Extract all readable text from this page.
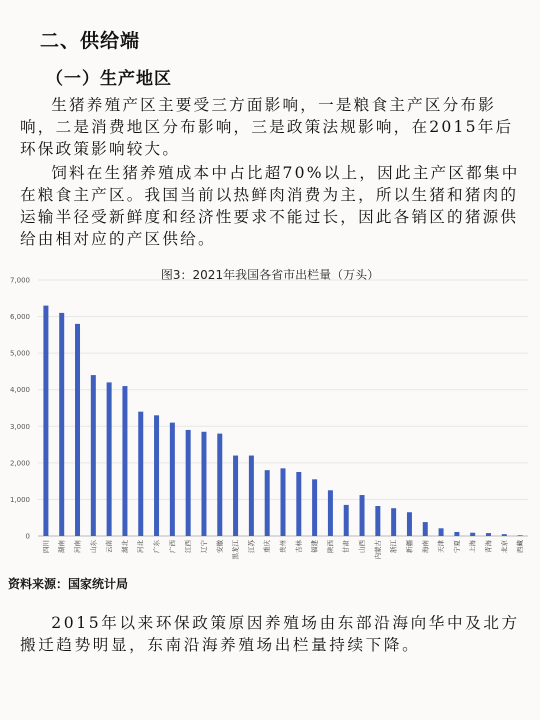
二、供给端
（一）生产地区

生猪养殖产区主要受三方面影响，一是粮食主产区分布影响，二是消费地区分布影响，三是政策法规影响，在2015年后环保政策影响较大。

饲料在生猪养殖成本中占比超70%以上，因此主产区都集中在粮食主产区。我国当前以热鲜肉消费为主，所以生猪和猪肉的运输半径受新鲜度和经济性要求不能过长，因此各销区的猪源供给由相对应的产区供给。

图3：2021年我国各省市出栏量（万头）
0
1,000
2,000
3,000
4,000
5,000
6,000
7,000
四川 湖南 河南 山东 云南 湖北 河北 广东 广西 江西 辽宁 安徽 黑龙江 江苏 重庆 贵州 吉林 福建 陕西 甘肃 山西 内蒙古 浙江 新疆 海南 天津 宁夏 上海 青海 北京 西藏
资料来源：国家统计局

2015年以来环保政策原因养殖场由东部沿海向华中及北方搬迁趋势明显，东南沿海养殖场出栏量持续下降。
